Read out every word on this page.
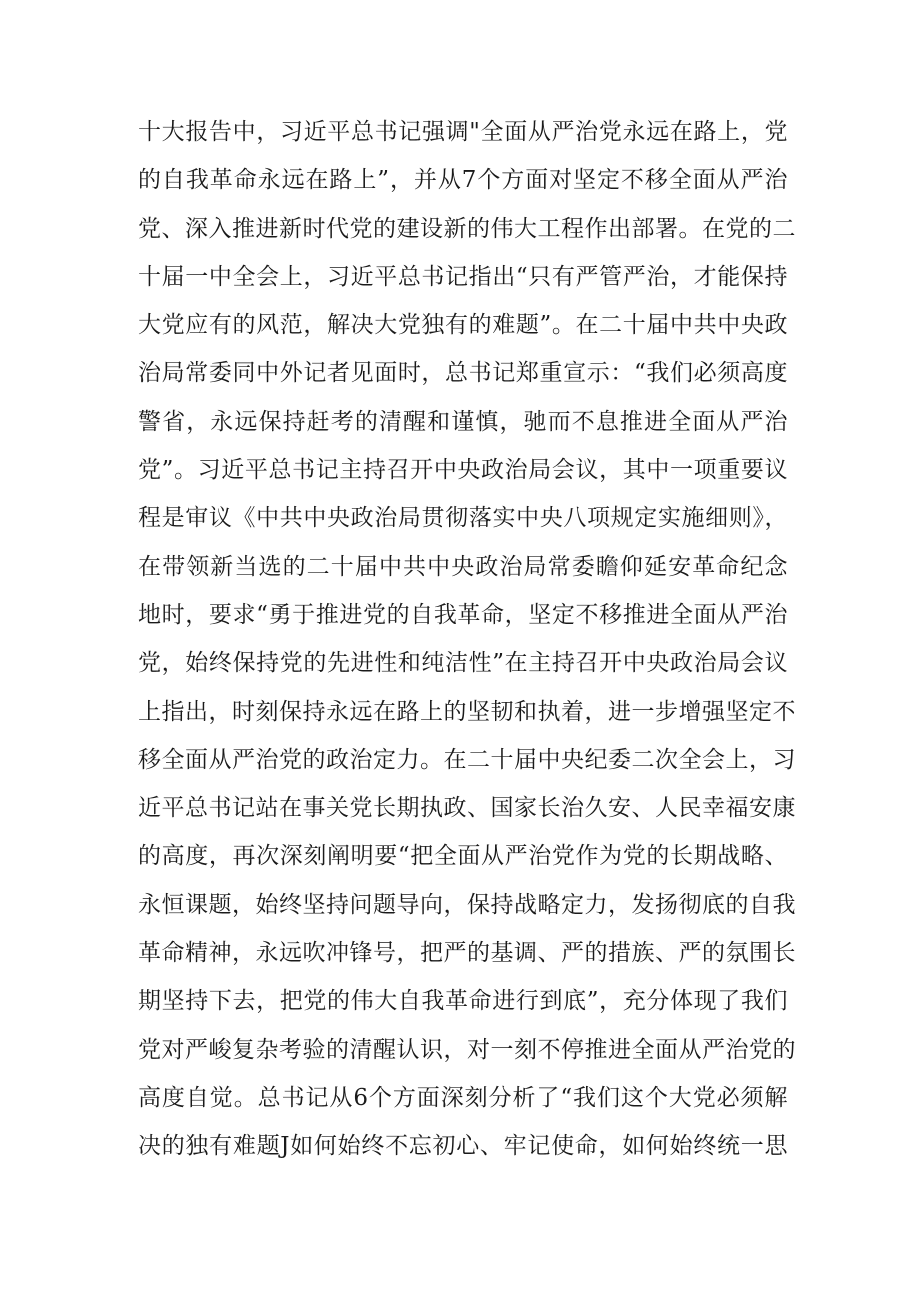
十大报告中，习近平总书记强调"全面从严治党永远在路上，党
的自我革命永远在路上”，并从7个方面对坚定不移全面从严治
党、深入推进新时代党的建设新的伟大工程作出部署。在党的二
十届一中全会上，习近平总书记指出“只有严管严治，才能保持
大党应有的风范，解决大党独有的难题”。在二十届中共中央政
治局常委同中外记者见面时，总书记郑重宣示：“我们必须高度
警省，永远保持赶考的清醒和谨慎，驰而不息推进全面从严治
党”。习近平总书记主持召开中央政治局会议，其中一项重要议
程是审议《中共中央政治局贯彻落实中央八项规定实施细则》，
在带领新当选的二十届中共中央政治局常委瞻仰延安革命纪念
地时，要求“勇于推进党的自我革命，坚定不移推进全面从严治
党，始终保持党的先进性和纯洁性”在主持召开中央政治局会议
上指出，时刻保持永远在路上的坚韧和执着，进一步增强坚定不
移全面从严治党的政治定力。在二十届中央纪委二次全会上，习
近平总书记站在事关党长期执政、国家长治久安、人民幸福安康
的高度，再次深刻阐明要“把全面从严治党作为党的长期战略、
永恒课题，始终坚持问题导向，保持战略定力，发扬彻底的自我
革命精神，永远吹冲锋号，把严的基调、严的措族、严的氛围长
期坚持下去，把党的伟大自我革命进行到底”，充分体现了我们
党对严峻复杂考验的清醒认识，对一刻不停推进全面从严治党的
高度自觉。总书记从6个方面深刻分析了“我们这个大党必须解
决的独有难题J如何始终不忘初心、牢记使命，如何始终统一思
